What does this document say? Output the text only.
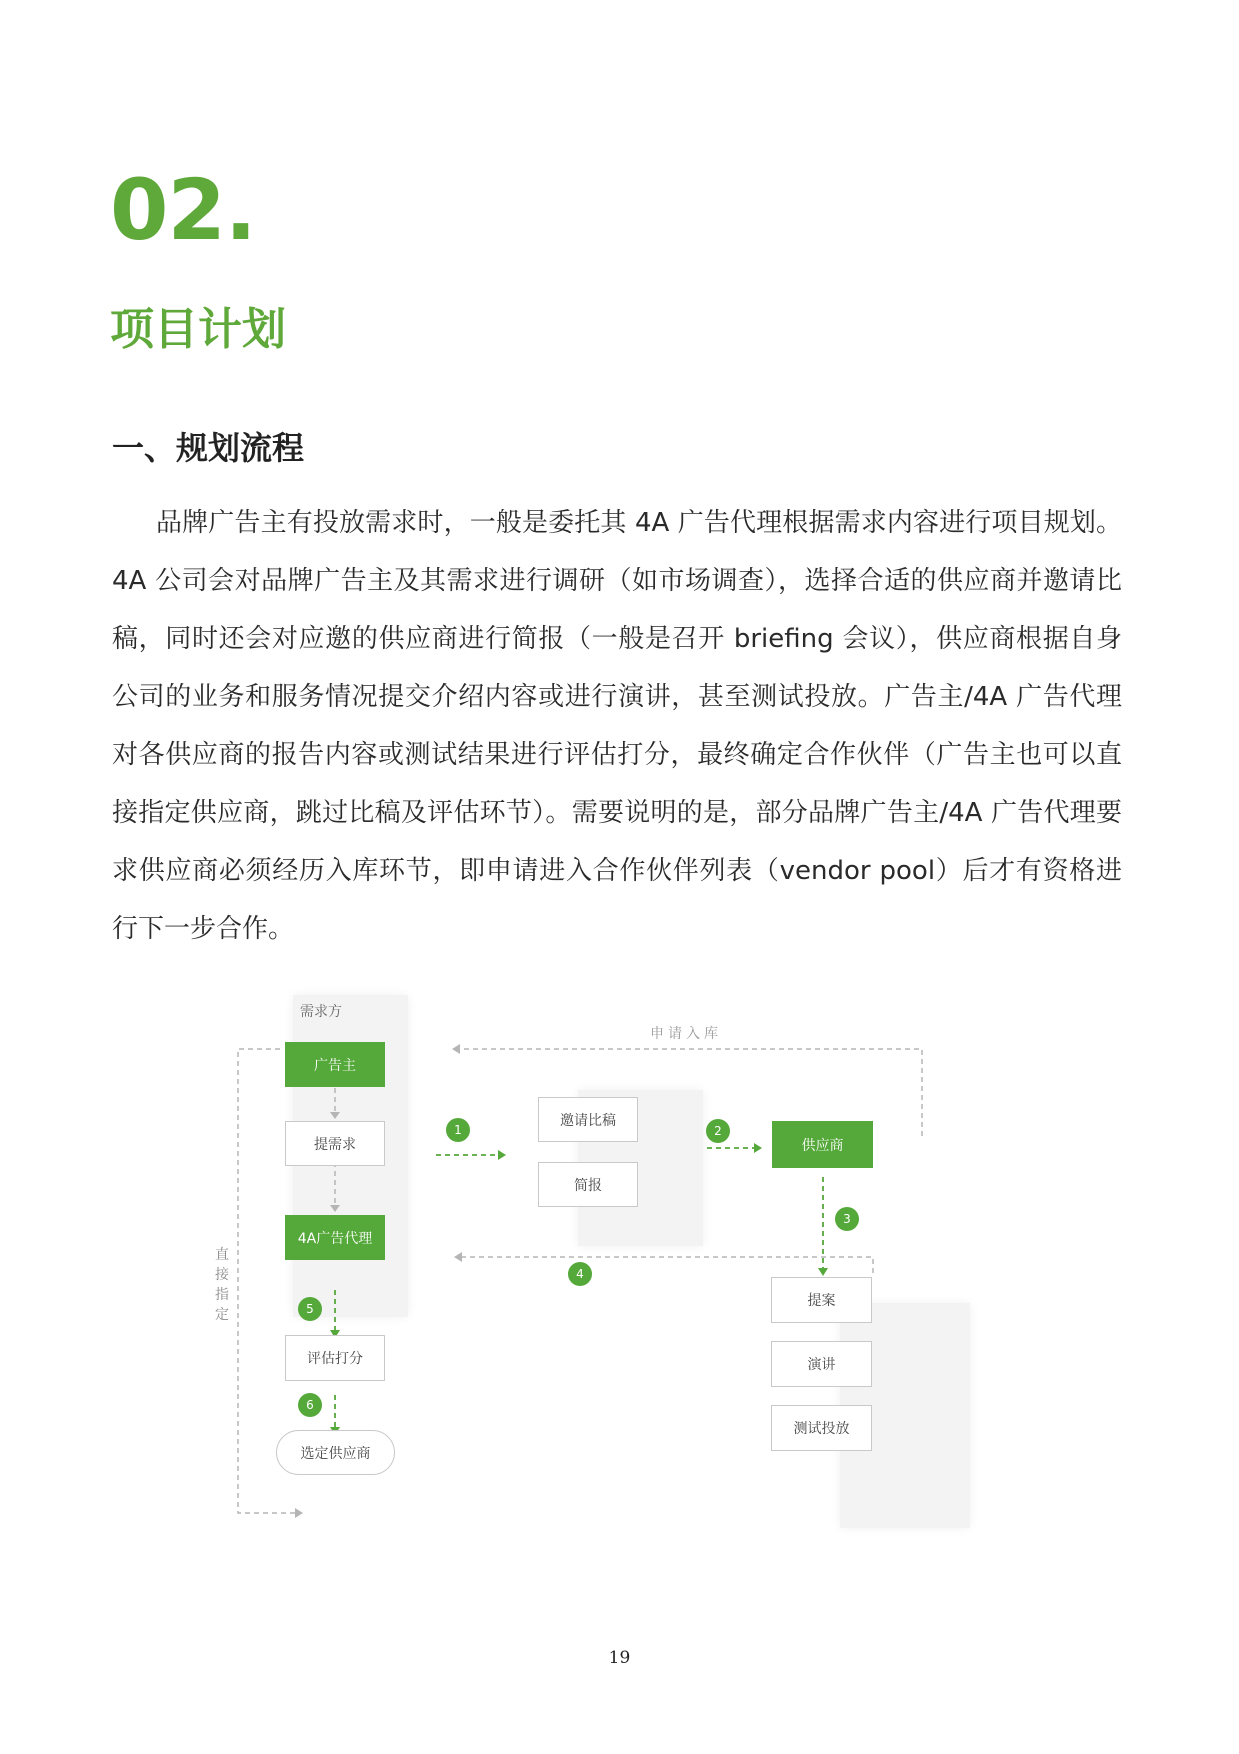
02.
项目计划
一、规划流程

品牌广告主有投放需求时，一般是委托其 4A 广告代理根据需求内容进行项目规划。4A 公司会对品牌广告主及其需求进行调研（如市场调查），选择合适的供应商并邀请比稿，同时还会对应邀的供应商进行简报（一般是召开 briefing 会议），供应商根据自身公司的业务和服务情况提交介绍内容或进行演讲，甚至测试投放。广告主/4A 广告代理对各供应商的报告内容或测试结果进行评估打分，最终确定合作伙伴（广告主也可以直接指定供应商，跳过比稿及评估环节）。需要说明的是，部分品牌广告主/4A 广告代理要求供应商必须经历入库环节，即申请进入合作伙伴列表（vendor pool）后才有资格进行下一步合作。

需求方
申请入库
直接指定
广告主
提需求
4A广告代理
邀请比稿
简报
供应商
提案
演讲
测试投放
评估打分
选定供应商
1	2
3
4
5
6
19
